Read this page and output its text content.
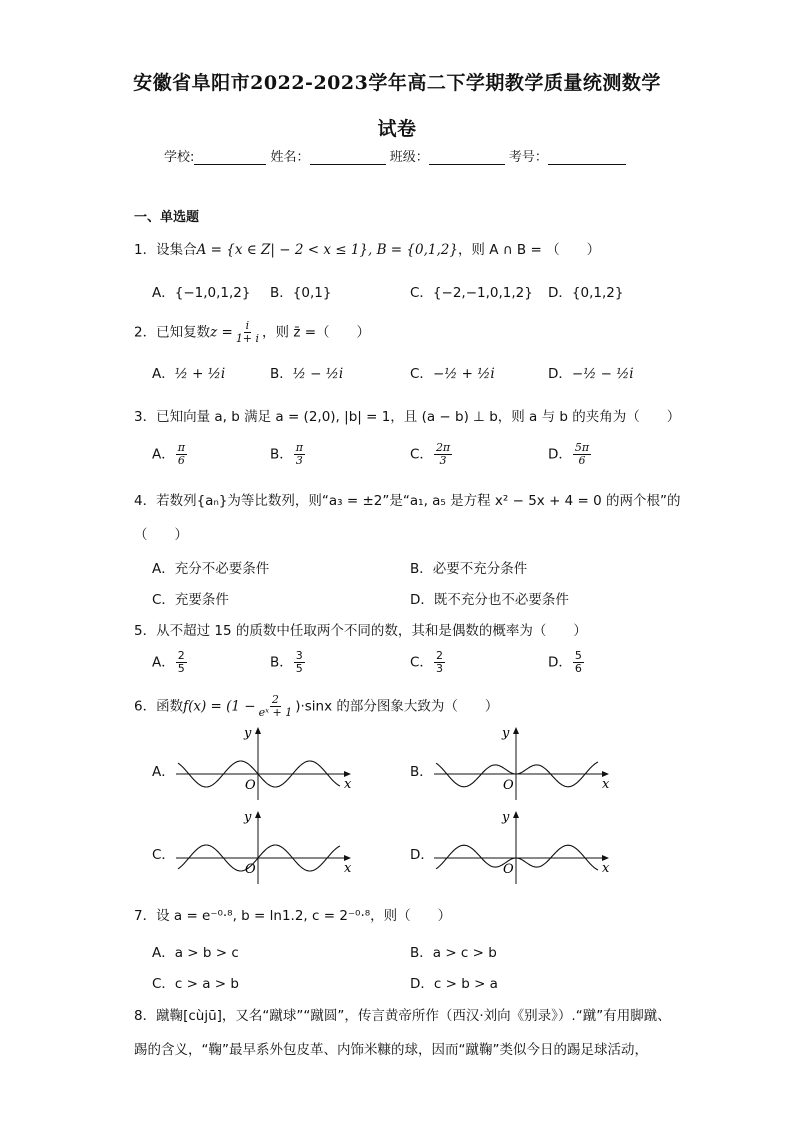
安徽省阜阳市2022-2023学年高二下学期教学质量统测数学
试卷
学校:	姓名：	班级：	考号：
一、单选题
1．设集合A = {x ∈ Z| − 2 < x ≤ 1}, B = {0,1,2}，则 A ∩ B = （　　）
A．{−1,0,1,2} B．{0,1}	C．{−2,−1,0,1,2} D．{0,1,2}
2．已知复数$z = \frac{i}{1+ i}$ ，则 z̄ =（　　）
A．½ + ½i	B．½ − ½i	C．−½ + ½i	D．−½ − ½i
3．已知向量 a, b 满足 a = (2,0), |b| = 1，且 (a − b) ⊥ b，则 a 与 b 的夹角为（　　）
A． $\frac{\pi}{6}$	B． $\frac{\pi}{3}$	C． $\frac{2\pi}{3}$	D． $\frac{5\pi}{6}$
4．若数列{aₙ}为等比数列，则“a₃ = ±2”是“a₁, a₅ 是方程 x² − 5x + 4 = 0 的两个根”的
（　　）
A．充分不必要条件	B．必要不充分条件
C．充要条件	D．既不充分也不必要条件
5．从不超过 15 的质数中任取两个不同的数，其和是偶数的概率为（　　）
A． $\frac{2}{5}$	B． $\frac{3}{5}$	C． $\frac{2}{3}$	D． $\frac{5}{6}$
6．函数$f(x) = (1 - \frac{2}{\text{eˣ + 1}} )\cdot\sin x$ 的部分图象大致为（　　）
A．	B．
C．	D．
x
y
O	x
y
O
x
y
O	x
y
O
7．设 a = e⁻⁰·⁸, b = ln1.2, c = 2⁻⁰·⁸，则（　　）
A．a > b > c	B．a > c > b
C．c > a > b	D．c > b > a
8．蹴鞠[cùjū]，又名“蹴球”“蹴圆”，传言黄帝所作（西汉·刘向《别录》）.“蹴”有用脚蹴、
踢的含义，“鞠”最早系外包皮革、内饰米糠的球，因而“蹴鞠”类似今日的踢足球活动，
